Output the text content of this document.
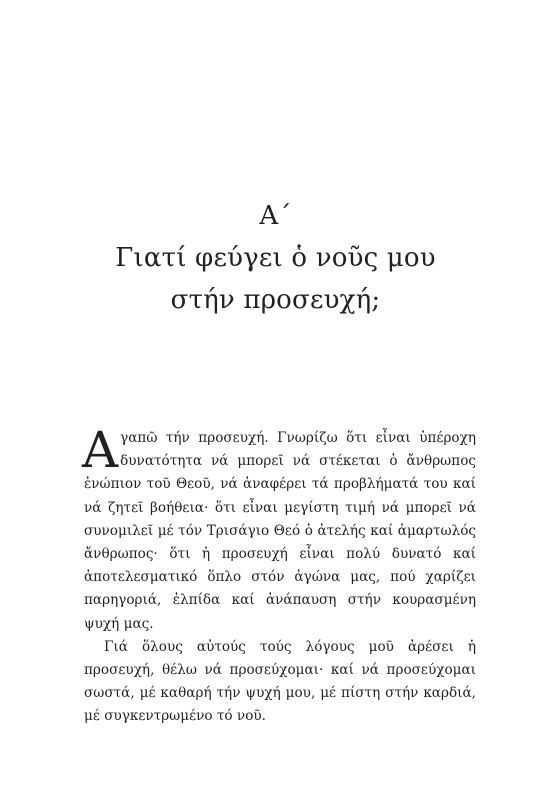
Α΄
Γιατί φεύγει ὁ νοῦς μου
στήν προσευχή;

Αγαπῶ τήν προσευχή. Γνωρίζω ὅτι εἶναι ὑπέροχη δυνατότητα νά μπορεῖ νά στέκεται ὁ ἄνθρωπος ἐνώπιον τοῦ Θεοῦ, νά ἀναφέρει τά προβλήματά του καί νά ζητεῖ βοήθεια· ὅτι εἶναι μεγίστη τιμή νά μπορεῖ νά συνομιλεῖ μέ τόν Τρισάγιο Θεό ὁ ἀτελής καί ἁμαρτωλός ἄνθρωπος· ὅτι ἡ προσευχή εἶναι πολύ δυνατό καί ἀποτελεσματικό ὅπλο στόν ἀγώνα μας, πού χαρίζει παρηγοριά, ἐλπίδα καί ἀνάπαυση στήν κουρασμένη ψυχή μας.

Γιά ὅλους αὐτούς τούς λόγους μοῦ ἀρέσει ἡ προσευχή, θέλω νά προσεύχομαι· καί νά προσεύχομαι σωστά, μέ καθαρή τήν ψυχή μου, μέ πίστη στήν καρδιά, μέ συγκεντρωμένο τό νοῦ.
